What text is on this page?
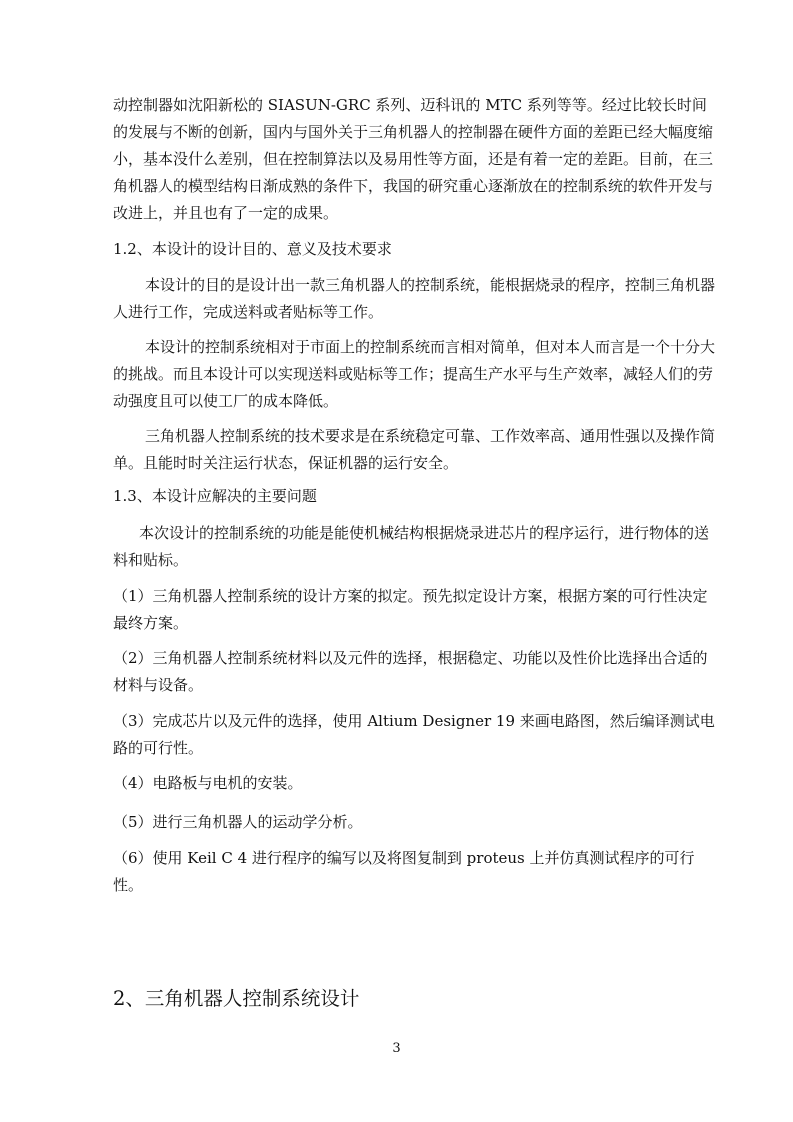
动控制器如沈阳新松的 SIASUN-GRC 系列、迈科讯的 MTC 系列等等。经过比较长时间的发展与不断的创新，国内与国外关于三角机器人的控制器在硬件方面的差距已经大幅度缩小，基本没什么差别，但在控制算法以及易用性等方面，还是有着一定的差距。目前，在三角机器人的模型结构日渐成熟的条件下，我国的研究重心逐渐放在的控制系统的软件开发与改进上，并且也有了一定的成果。

1.2、本设计的设计目的、意义及技术要求

本设计的目的是设计出一款三角机器人的控制系统，能根据烧录的程序，控制三角机器人进行工作，完成送料或者贴标等工作。

本设计的控制系统相对于市面上的控制系统而言相对简单，但对本人而言是一个十分大的挑战。而且本设计可以实现送料或贴标等工作；提高生产水平与生产效率，减轻人们的劳动强度且可以使工厂的成本降低。

三角机器人控制系统的技术要求是在系统稳定可靠、工作效率高、通用性强以及操作简单。且能时时关注运行状态，保证机器的运行安全。

1.3、本设计应解决的主要问题

本次设计的控制系统的功能是能使机械结构根据烧录进芯片的程序运行，进行物体的送料和贴标。

（1）三角机器人控制系统的设计方案的拟定。预先拟定设计方案，根据方案的可行性决定最终方案。

（2）三角机器人控制系统材料以及元件的选择，根据稳定、功能以及性价比选择出合适的材料与设备。

（3）完成芯片以及元件的选择，使用 Altium Designer 19 来画电路图，然后编译测试电路的可行性。

（4）电路板与电机的安装。

（5）进行三角机器人的运动学分析。

（6）使用 Keil C 4 进行程序的编写以及将图复制到 proteus 上并仿真测试程序的可行性。

2、三角机器人控制系统设计
3
